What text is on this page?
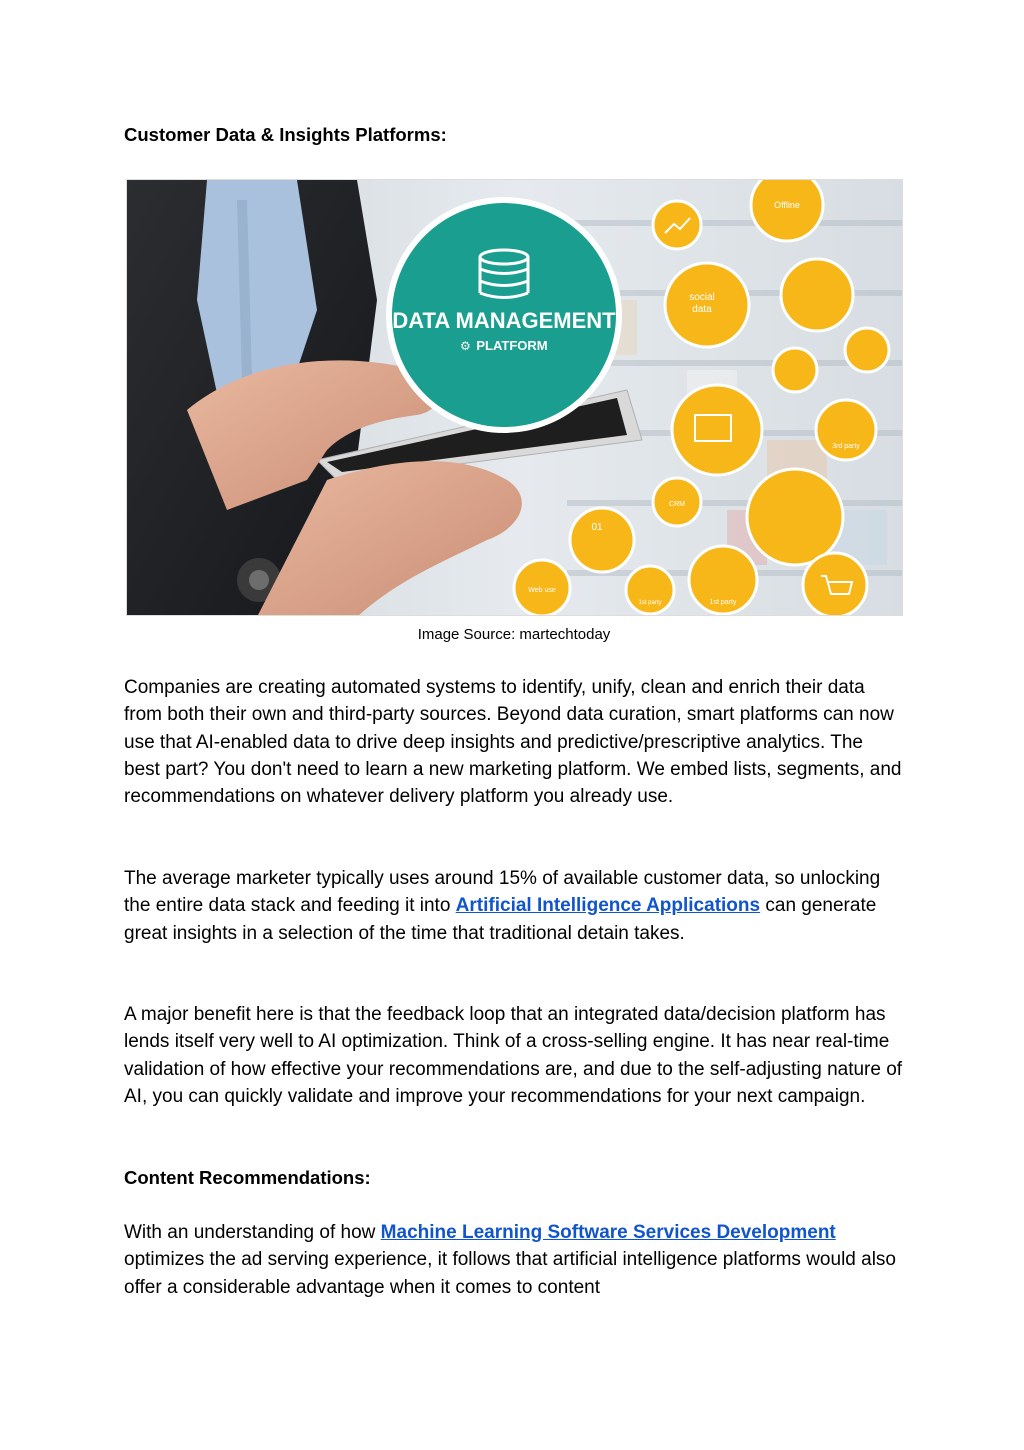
Customer Data & Insights Platforms:
DATA MANAGEMENT
PLATFORM
⚙
Offline
social
data
3rd party
CRM
01
Web use
1st party	1st party
Image Source: martechtoday

Companies are creating automated systems to identify, unify, clean and enrich their data from both their own and third-party sources. Beyond data curation, smart platforms can now use that AI-enabled data to drive deep insights and predictive/prescriptive analytics. The best part? You don't need to learn a new marketing platform. We embed lists, segments, and recommendations on whatever delivery platform you already use.

The average marketer typically uses around 15% of available customer data, so unlocking the entire data stack and feeding it into Artificial Intelligence Applications can generate great insights in a selection of the time that traditional detain takes.

A major benefit here is that the feedback loop that an integrated data/decision platform has lends itself very well to AI optimization. Think of a cross-selling engine. It has near real-time validation of how effective your recommendations are, and due to the self-adjusting nature of AI, you can quickly validate and improve your recommendations for your next campaign.

Content Recommendations:

With an understanding of how Machine Learning Software Services Development optimizes the ad serving experience, it follows that artificial intelligence platforms would also offer a considerable advantage when it comes to content
